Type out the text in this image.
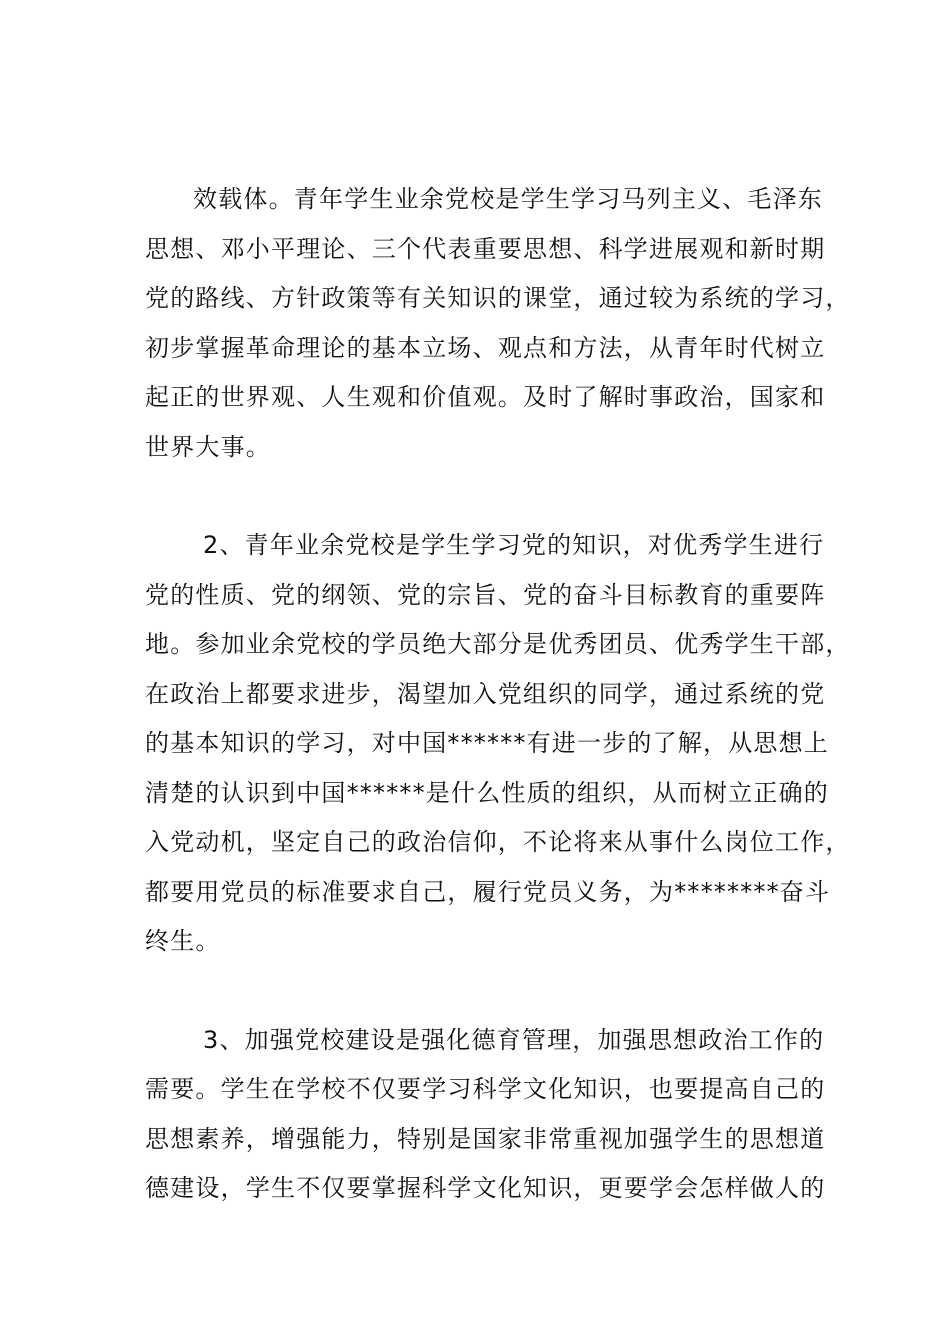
效载体。青年学生业余党校是学生学习马列主义、毛泽东
思想、邓小平理论、三个代表重要思想、科学进展观和新时期
党的路线、方针政策等有关知识的课堂，通过较为系统的学习，
初步掌握革命理论的基本立场、观点和方法，从青年时代树立
起正的世界观、人生观和价值观。及时了解时事政治，国家和
世界大事。

2、青年业余党校是学生学习党的知识，对优秀学生进行
党的性质、党的纲领、党的宗旨、党的奋斗目标教育的重要阵
地。参加业余党校的学员绝大部分是优秀团员、优秀学生干部，
在政治上都要求进步，渴望加入党组织的同学，通过系统的党
的基本知识的学习，对中国******有进一步的了解，从思想上
清楚的认识到中国******是什么性质的组织，从而树立正确的
入党动机，坚定自己的政治信仰，不论将来从事什么岗位工作，
都要用党员的标准要求自己，履行党员义务，为********奋斗
终生。

3、加强党校建设是强化德育管理，加强思想政治工作的
需要。学生在学校不仅要学习科学文化知识，也要提高自己的
思想素养，增强能力，特别是国家非常重视加强学生的思想道
德建设，学生不仅要掌握科学文化知识，更要学会怎样做人的
